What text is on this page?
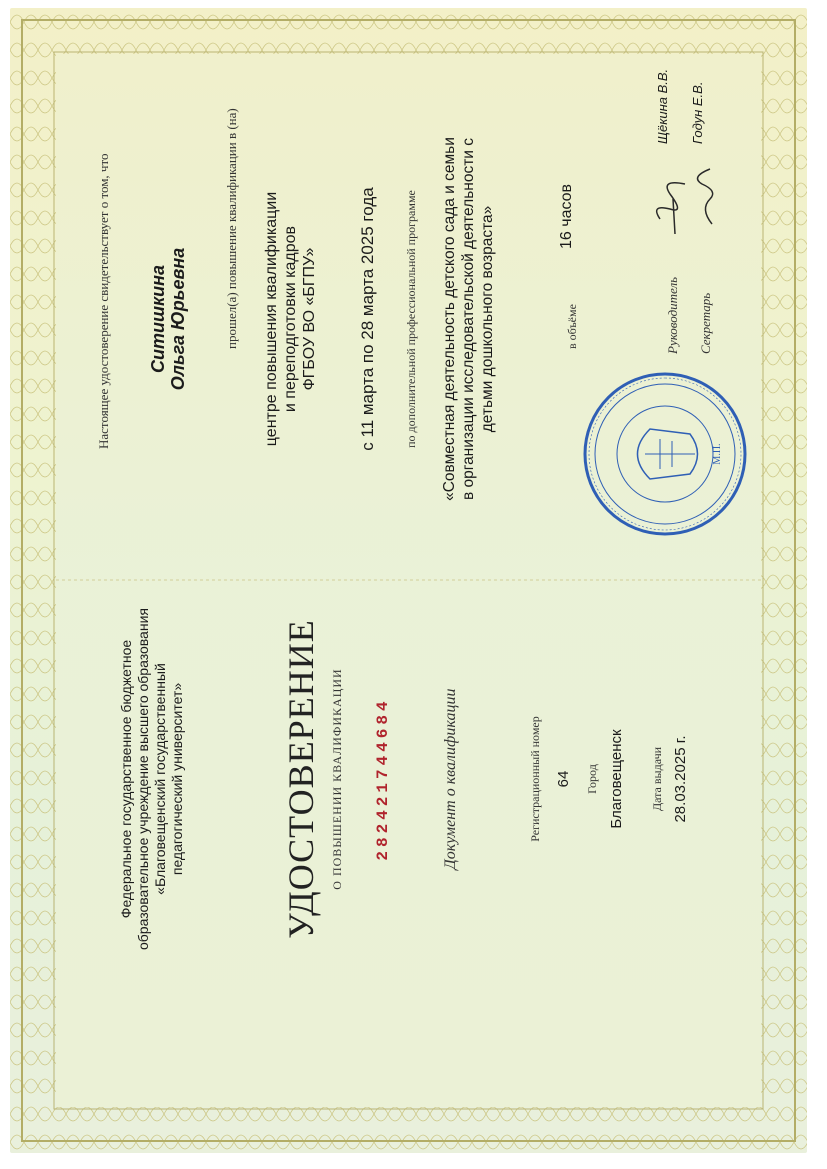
Федеральное государственное бюджетное образовательное учреждение высшего образования «Благовещенский государственный педагогический университет»	УДОСТОВЕРЕНИЕ О ПОВЫШЕНИИ КВАЛИФИКАЦИИ 282421744684	Документ о квалификации	Регистрационный номер 64 Город Благовещенск Дата выдачи 28.03.2025 г.
Настоящее удостоверение свидетельствует о том, что Ситишкина Ольга Юрьевна	прошел(а) повышение квалификации в (на) центре повышения квалификации и переподготовки кадров ФГБОУ ВО «БГПУ» с 11 марта по 28 марта 2025 года по дополнительной профессиональной программе «Совместная деятельность детского сада и семьи в организации исследовательской деятельности с детьми дошкольного возраста»	в объёме
16 часов
Руководитель Секретарь
Щёкина В.В. Годун Е.В.
М.П.
